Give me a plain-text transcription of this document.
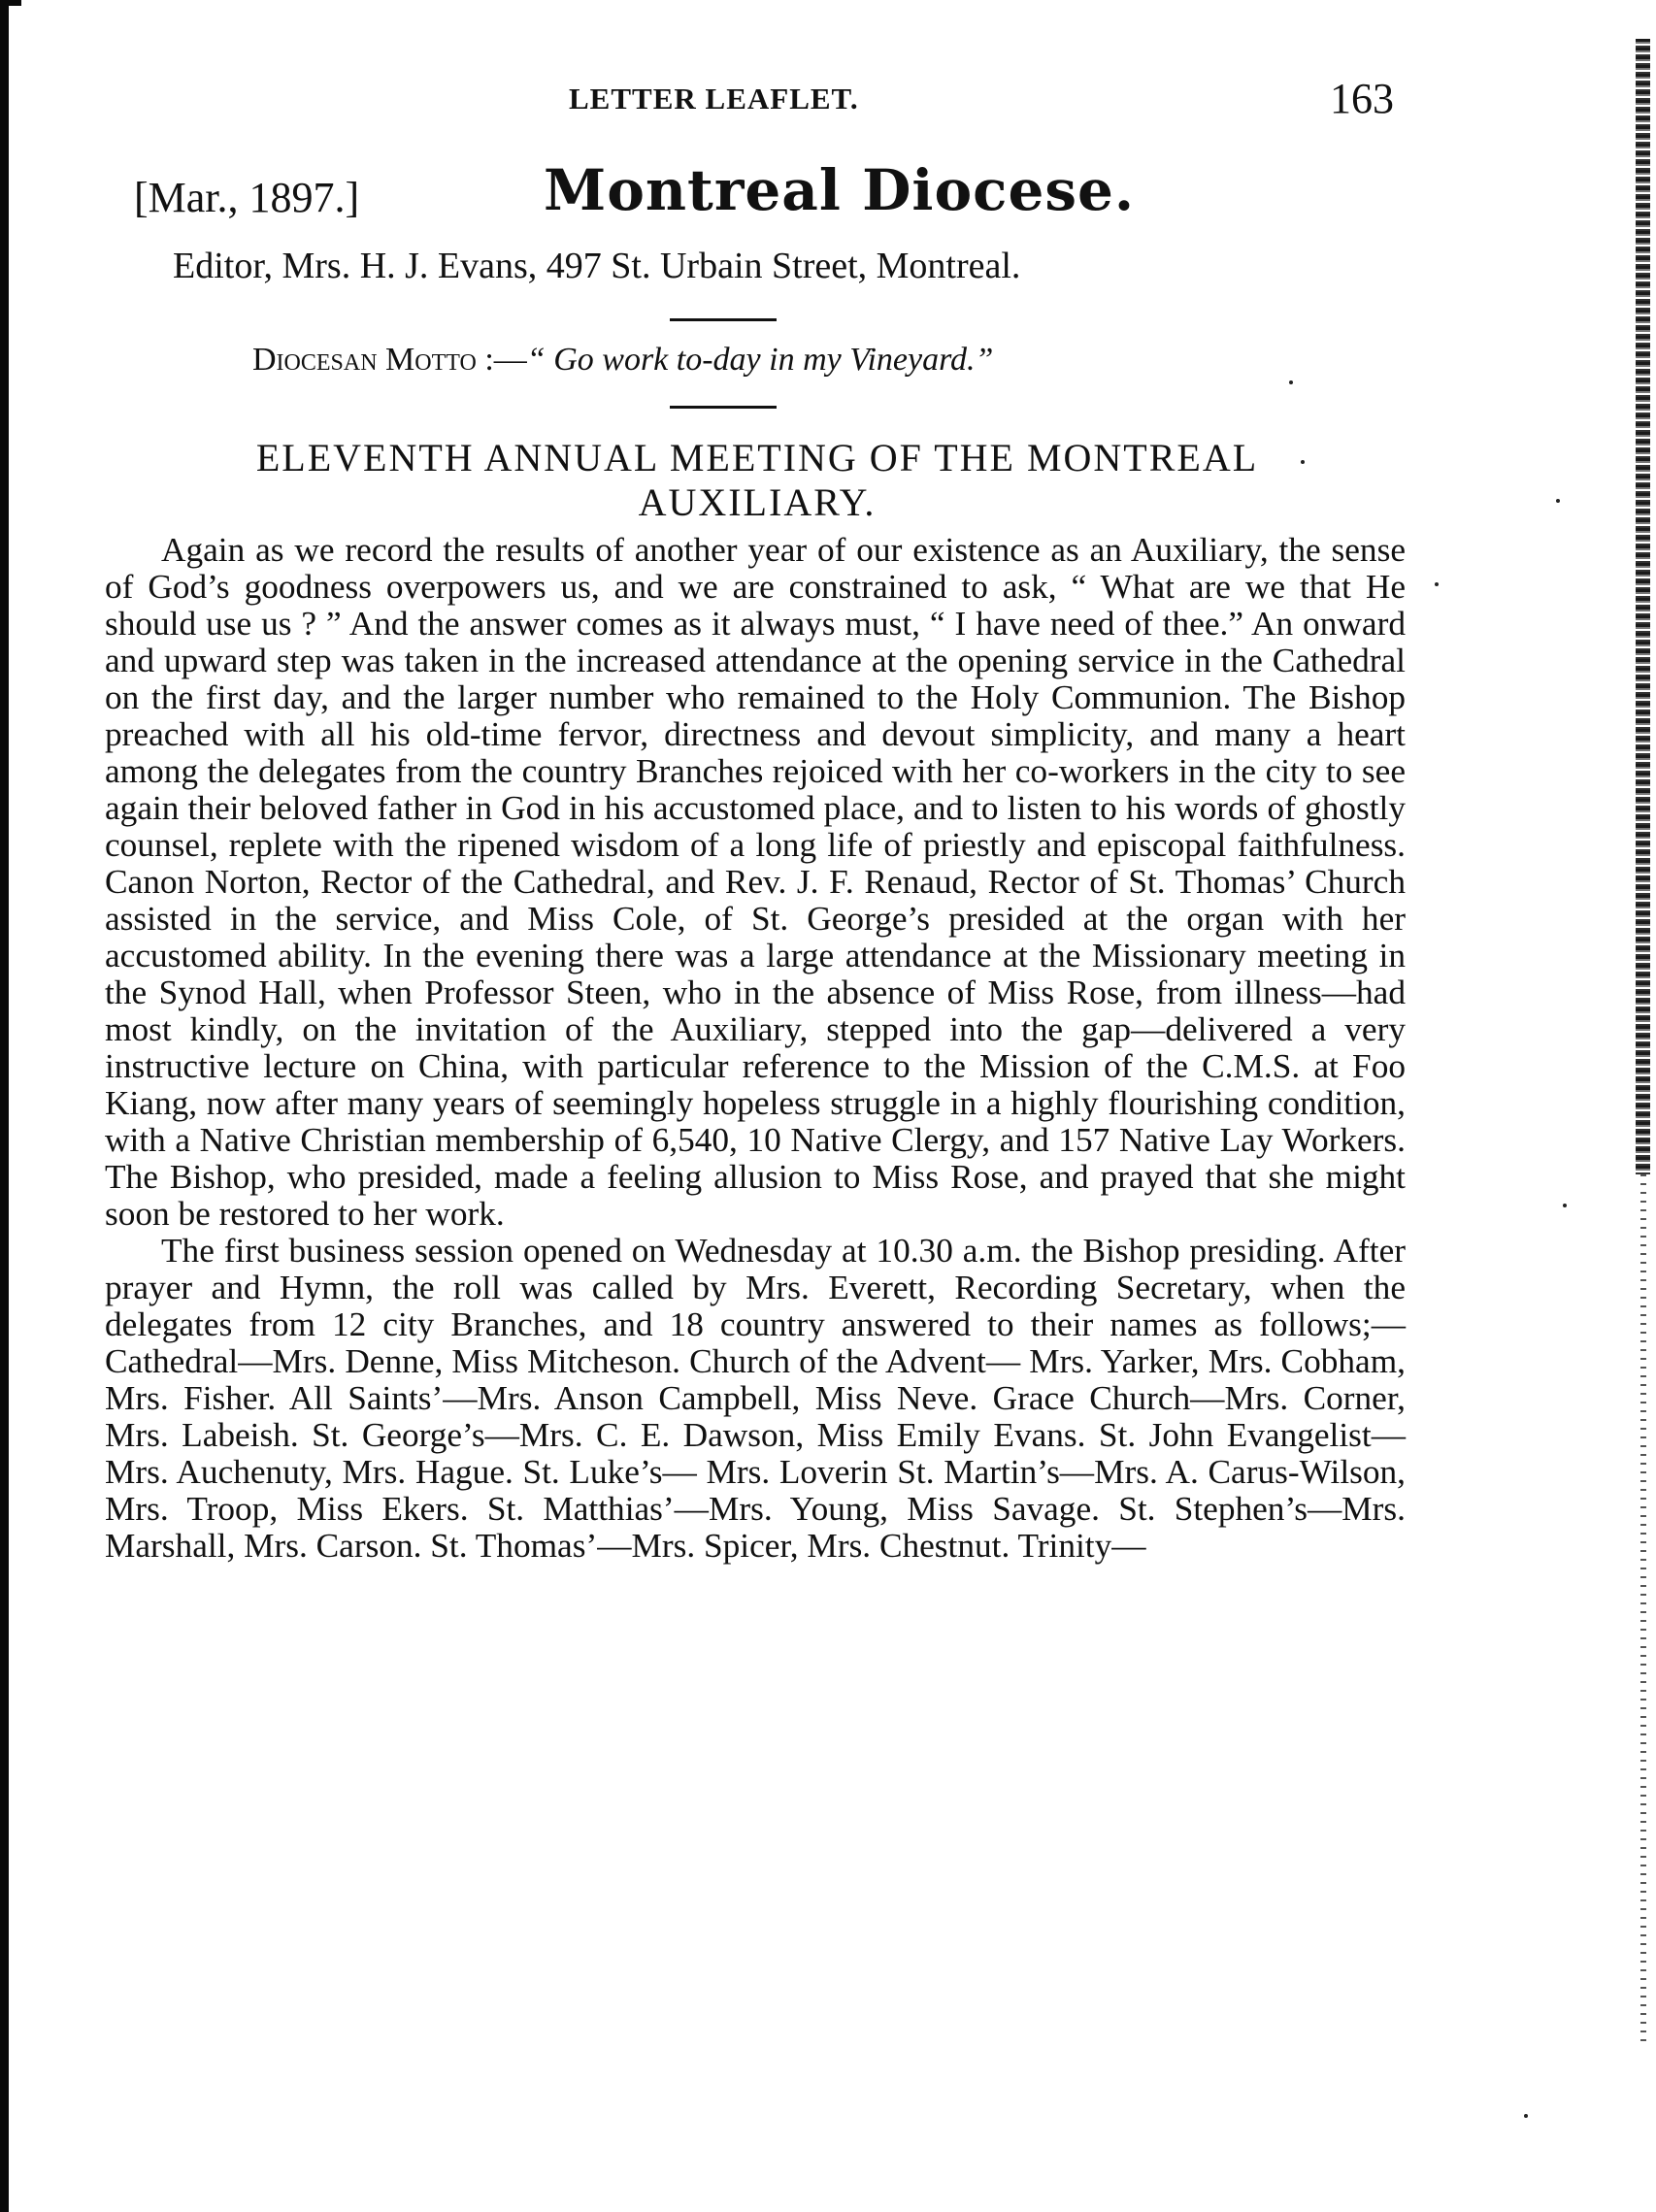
LETTER LEAFLET.	163
[Mar., 1897.]	Montreal Diocese.
Editor, Mrs. H. J. Evans, 497 St. Urbain Street, Montreal.
Diocesan Motto :—“ Go work to-day in my Vineyard.”
ELEVENTH ANNUAL MEETING OF THE MONTREAL
AUXILIARY.

Again as we record the results of another year of our existence as an Auxiliary, the sense of God’s goodness overpowers us, and we are constrained to ask, “ What are we that He should use us ? ” And the answer comes as it always must, “ I have need of thee.” An onward and upward step was taken in the increased attendance at the opening service in the Cathedral on the first day, and the larger number who remained to the Holy Communion. The Bishop preached with all his old-time fervor, directness and devout simplicity, and many a heart among the delegates from the country Branches rejoiced with her co-workers in the city to see again their beloved father in God in his accustomed place, and to listen to his words of ghostly counsel, replete with the ripened wisdom of a long life of priestly and episcopal faithfulness. Canon Norton, Rector of the Cathedral, and Rev. J. F. Renaud, Rector of St. Thomas’ Church assisted in the service, and Miss Cole, of St. George’s presided at the organ with her accustomed ability. In the evening there was a large attendance at the Missionary meeting in the Synod Hall, when Professor Steen, who in the absence of Miss Rose, from illness—had most kindly, on the invitation of the Auxiliary, stepped into the gap—delivered a very instructive lecture on China, with particular reference to the Mission of the C.M.S. at Foo Kiang, now after many years of seemingly hopeless struggle in a highly flourishing condition, with a Native Christian membership of 6,540, 10 Native Clergy, and 157 Native Lay Workers. The Bishop, who presided, made a feeling allusion to Miss Rose, and prayed that she might soon be restored to her work.

The first business session opened on Wednesday at 10.30 a.m. the Bishop presiding. After prayer and Hymn, the roll was called by Mrs. Everett, Recording Secretary, when the delegates from 12 city Branches, and 18 country answered to their names as follows;— Cathedral—Mrs. Denne, Miss Mitcheson. Church of the Advent— Mrs. Yarker, Mrs. Cobham, Mrs. Fisher. All Saints’—Mrs. Anson Campbell, Miss Neve. Grace Church—Mrs. Corner, Mrs. Labeish. St. George’s—Mrs. C. E. Dawson, Miss Emily Evans. St. John Evangelist—Mrs. Auchenuty, Mrs. Hague. St. Luke’s— Mrs. Loverin St. Martin’s—Mrs. A. Carus-Wilson, Mrs. Troop, Miss Ekers. St. Matthias’—Mrs. Young, Miss Savage. St. Stephen’s—Mrs. Marshall, Mrs. Carson. St. Thomas’—Mrs. Spicer, Mrs. Chestnut. Trinity—
